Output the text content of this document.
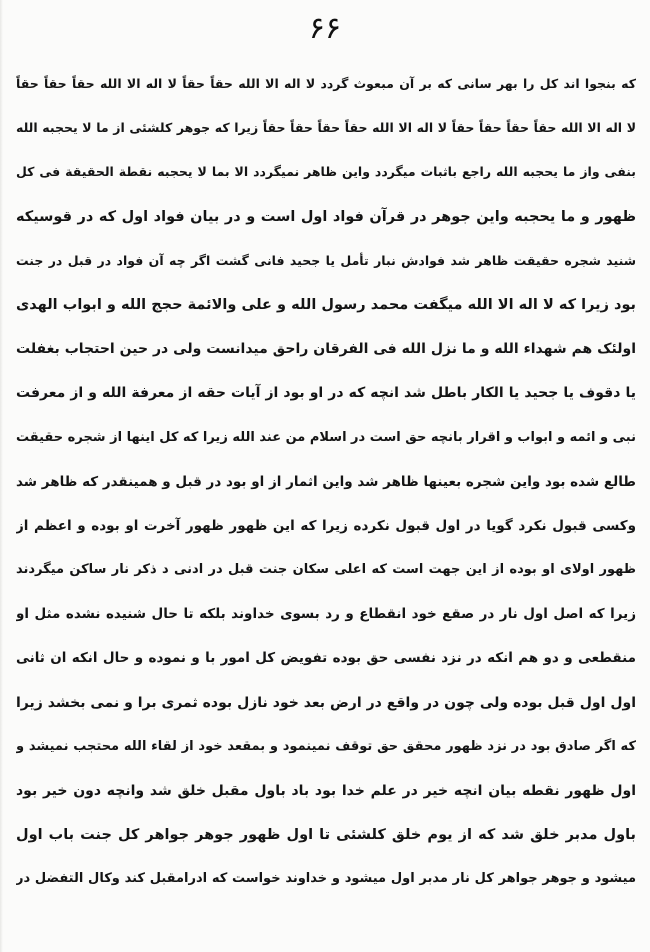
۶۶
که بنجوا اند کل را بهر سانی که بر آن مبعوث گردد لا اله الا الله حقاً حقاً لا اله الا الله حقاً حقاً حقاً
لا اله الا الله حقاً حقاً حقاً حقاً لا اله الا الله حقاً حقاً حقاً حقاً زیرا که جوهر کلشئی از ما لا یحجبه الله
بنفی واز ما یحجبه الله راجع باثبات میگردد واین ظاهر نمیگردد الا بما لا یحجبه نقطة الحقیقة فی کل
ظهور و ما یحجبه واین جوهر در قرآن فواد اول است و در بیان فواد اول که در قوسیکه
شنید شجره حقیقت ظاهر شد فوادش نبار تأمل یا جحید فانی گشت اگر چه آن فواد در قبل در جنت
بود زیرا که لا اله الا الله میگفت محمد رسول الله و علی والائمة حجج الله و ابواب الهدی
اولئک هم شهداء الله و ما نزل الله فی الفرقان راحق میدانست ولی در حین احتجاب بغفلت
یا دقوف یا جحید یا الکار باطل شد انچه که در او بود از آیات حقه از معرفة الله و از معرفت
نبی و ائمه و ابواب و اقرار بانچه حق است در اسلام من عند الله زیرا که کل اینها از شجره حقیقت
طالع شده بود واین شجره بعینها ظاهر شد واین اثمار از او بود در قبل و همینقدر که ظاهر شد
وکسی قبول نکرد گویا در اول قبول نکرده زیرا که این ظهور ظهور آخرت او بوده و اعظم از
ظهور اولای او بوده از این جهت است که اعلی سکان جنت قبل در ادنی د ذکر نار ساکن میگردند
زیرا که اصل اول نار در صقع خود انقطاع و رد بسوی خداوند بلکه تا حال شنیده نشده مثل او
منقطعی و دو هم انکه در نزد نفسی حق بوده تفویض کل امور با و نموده و حال انکه ان ثانی
اول اول قبل بوده ولی چون در واقع در ارض بعد خود نازل بوده ثمری برا و نمی بخشد زیرا
که اگر صادق بود در نزد ظهور محقق حق توقف نمینمود و بمقعد خود از لقاء الله محتجب نمیشد و
اول ظهور نقطه بیان انچه خیر در علم خدا بود باد باول مقبل خلق شد وانچه دون خیر بود
باول مدبر خلق شد که از یوم خلق کلشئی تا اول ظهور جوهر جواهر کل جنت باب اول
میشود و جوهر جواهر کل نار مدبر اول میشود و خداوند خواست که ادرامقبل کند وکال التفضل در
